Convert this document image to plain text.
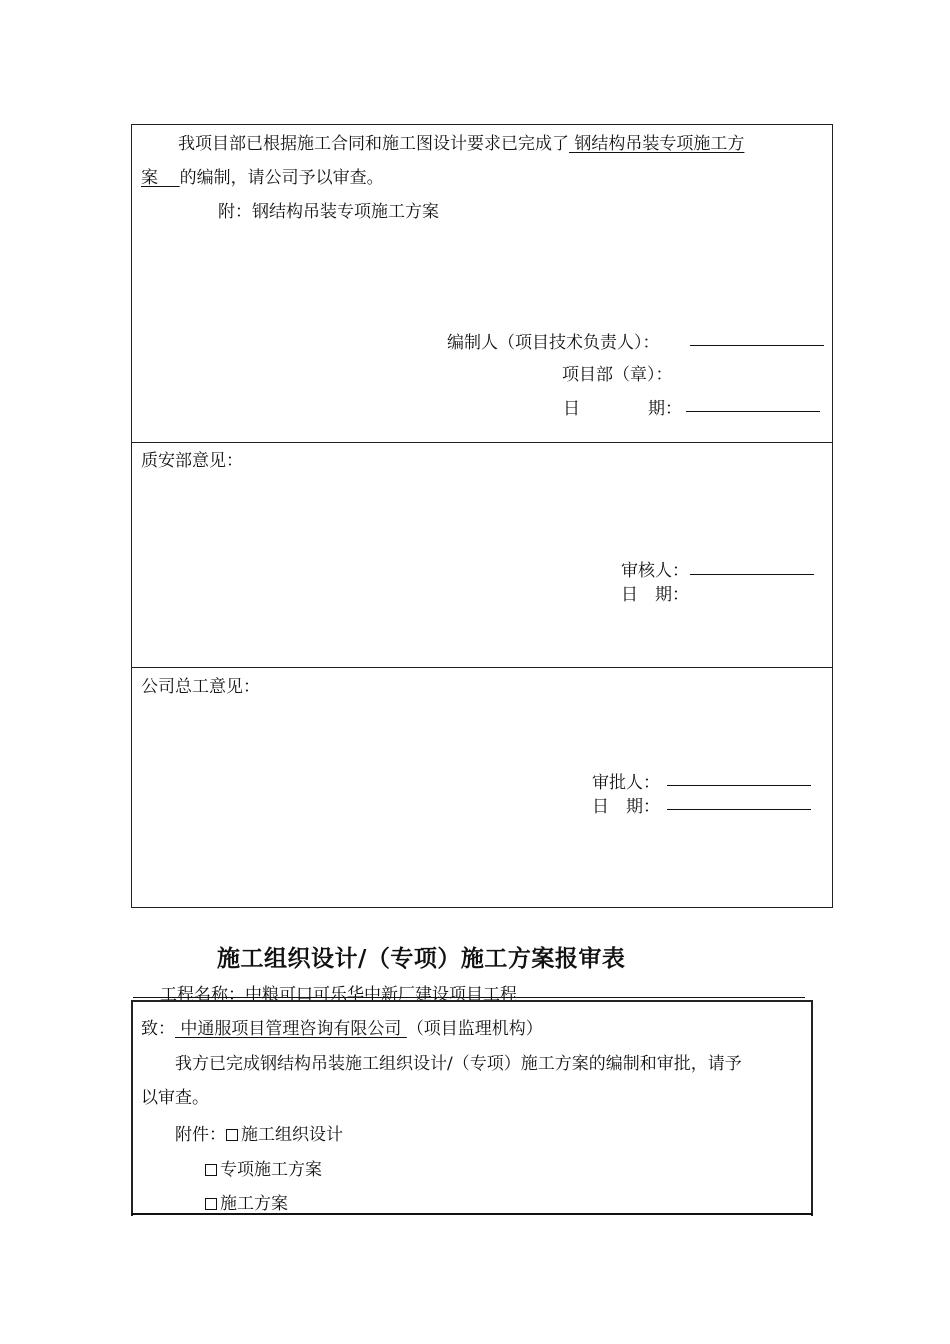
我项目部已根据施工合同和施工图设计要求已完成了 钢结构吊装专项施工方
案 的编制，请公司予以审查。
附：钢结构吊装专项施工方案
编制人（项目技术负责人）：
项目部（章）：
日	期：
质安部意见：
审核人：
日　期：
公司总工意见：
审批人：
日　期：
施工组织设计/（专项）施工方案报审表
工程名称：中粮可口可乐华中新厂建设项目工程
致： 中通服项目管理咨询有限公司 （项目监理机构）
我方已完成钢结构吊装施工组织设计/（专项）施工方案的编制和审批，请予
以审查。
附件： 施工组织设计
专项施工方案
施工方案
